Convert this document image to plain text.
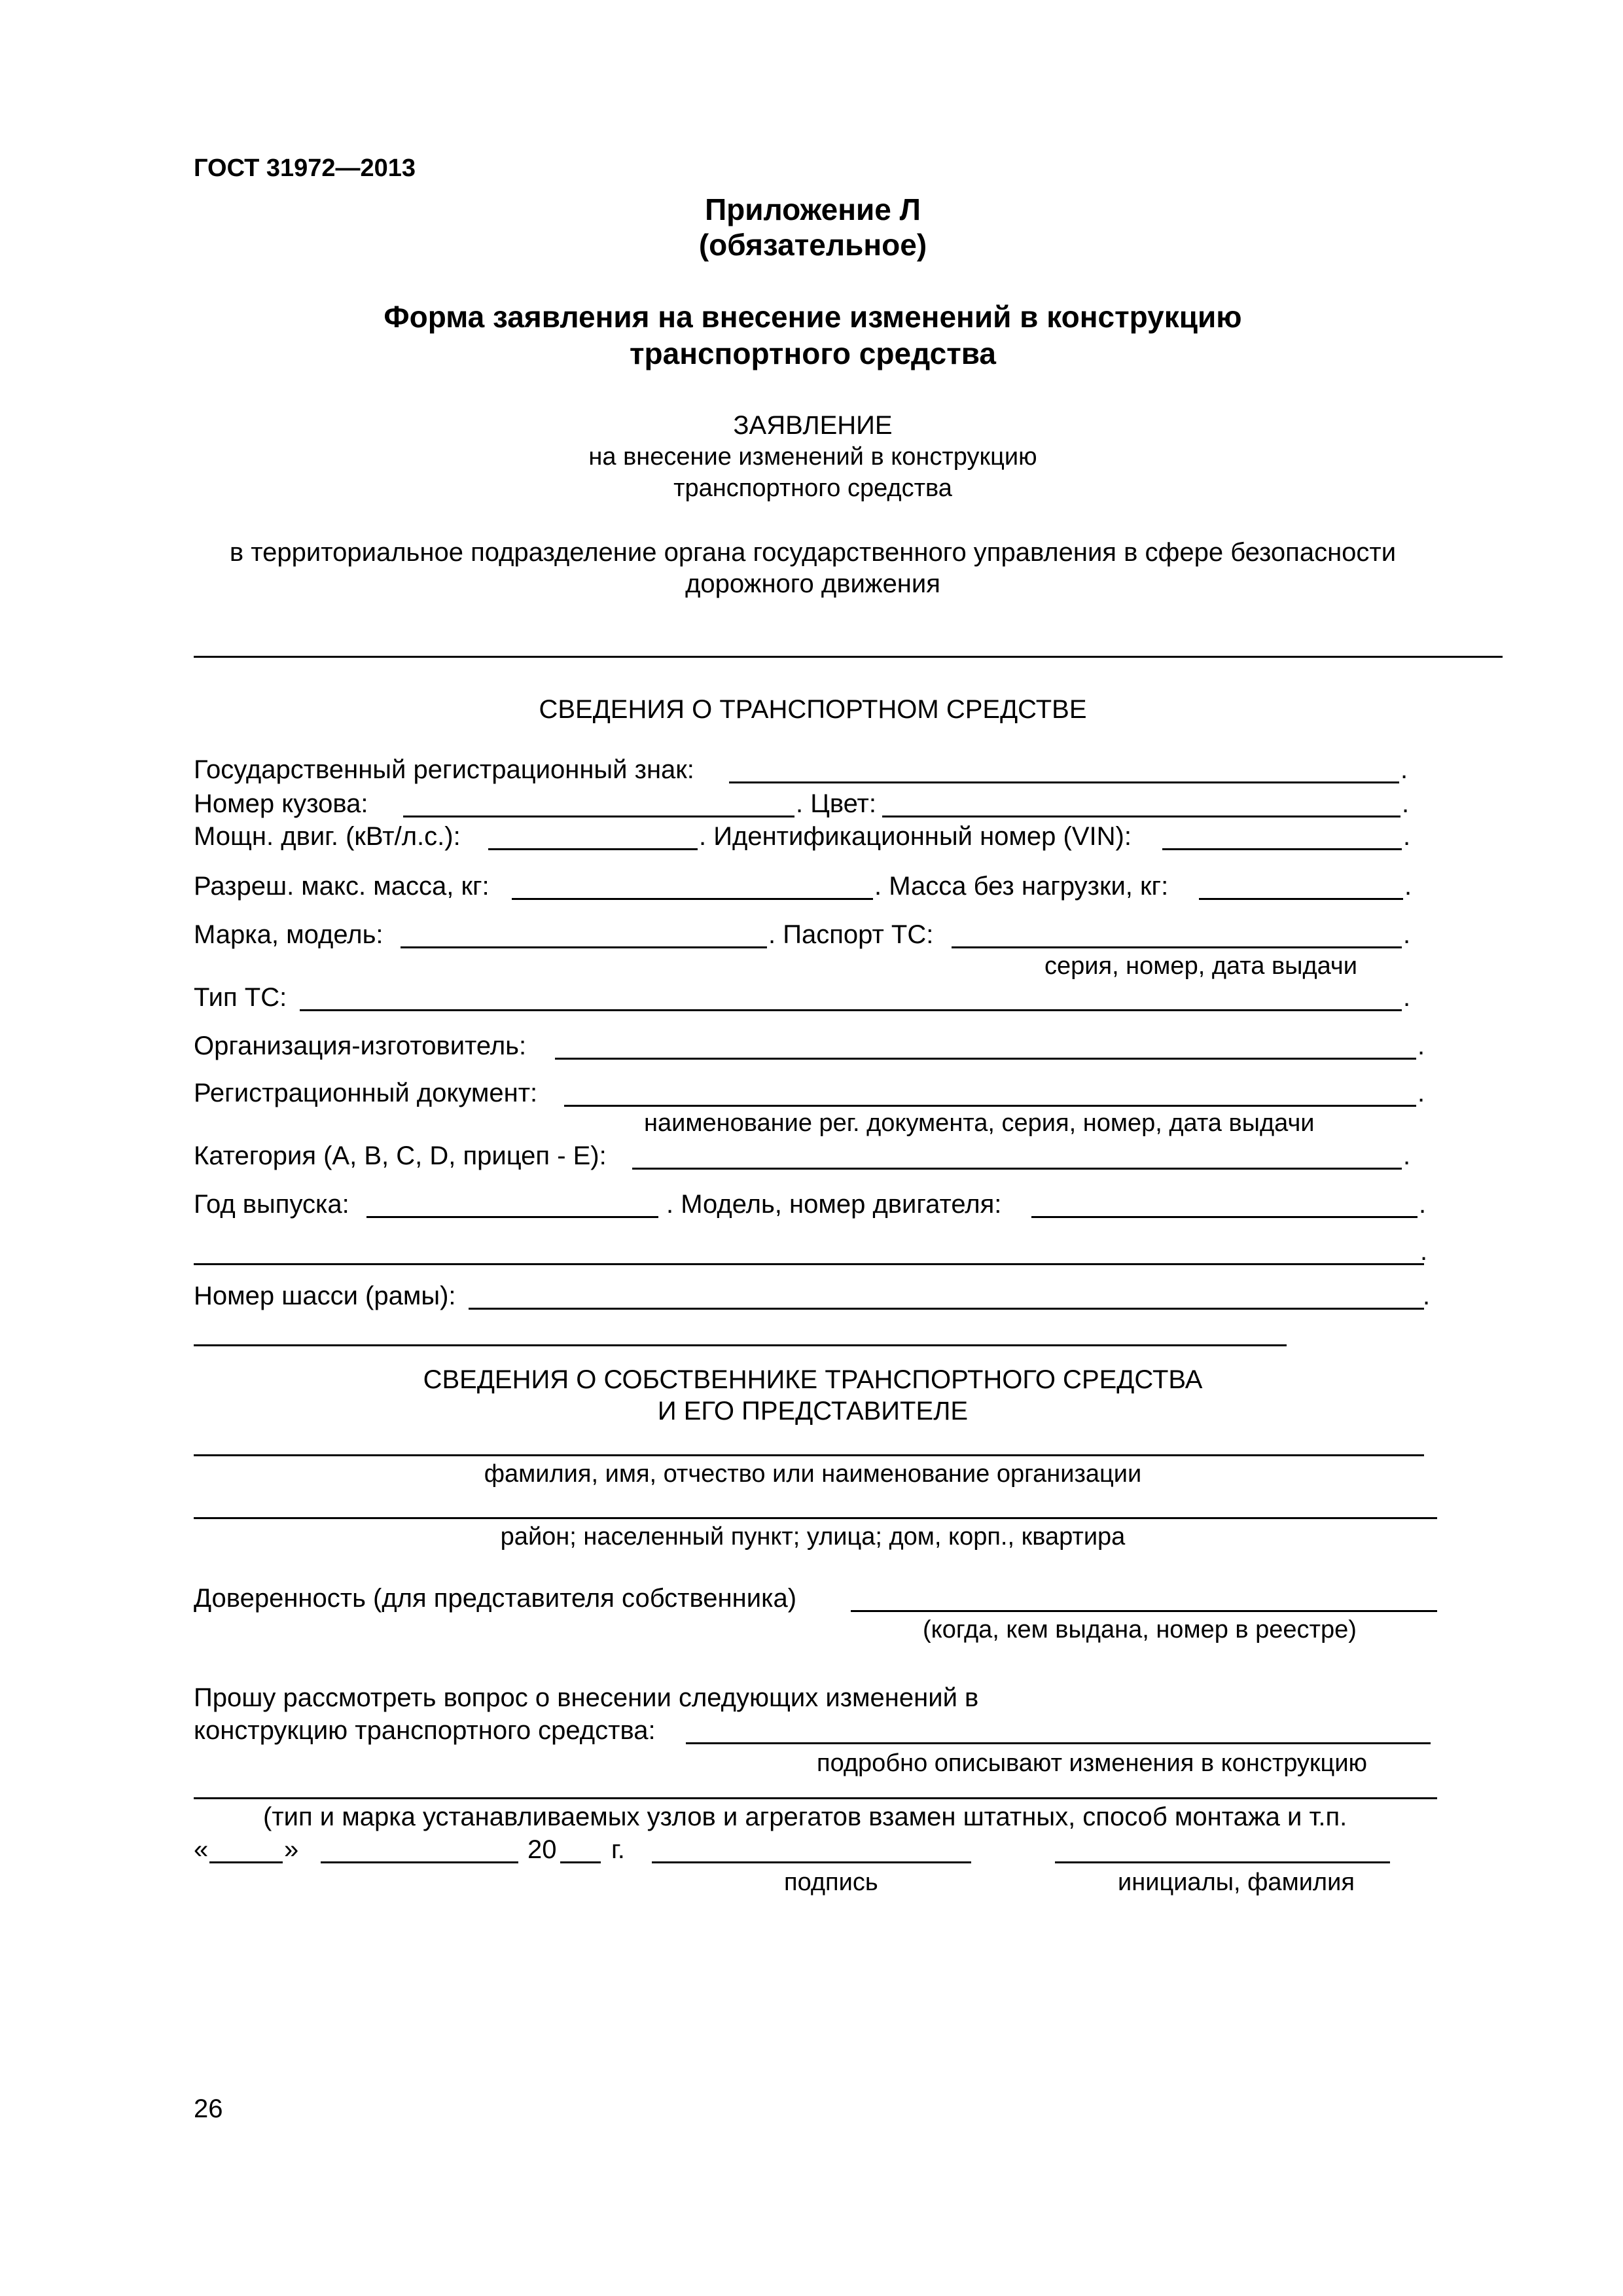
ГОСТ 31972—2013
Приложение Л
(обязательное)
Форма заявления на внесение изменений в конструкцию
транспортного средства
ЗАЯВЛЕНИЕ
на внесение изменений в конструкцию
транспортного средства
в территориальное подразделение органа государственного управления в сфере безопасности
дорожного движения
СВЕДЕНИЯ О ТРАНСПОРТНОМ СРЕДСТВЕ
Государственный регистрационный знак:	.
Номер кузова:	. Цвет:	.
Мощн. двиг. (кВт/л.с.):	. Идентификационный номер (VIN):	.
Разреш. макс. масса, кг:	. Масса без нагрузки, кг:	.
Марка, модель:	. Паспорт ТС:	.
серия, номер, дата выдачи
Тип ТС:	.
Организация-изготовитель:	.
Регистрационный документ:	.
наименование рег. документа, серия, номер, дата выдачи
Категория (А, В, С, D, прицеп - Е):	.
Год выпуска:	. Модель, номер двигателя:	.
.
Номер шасси (рамы):	.
СВЕДЕНИЯ О СОБСТВЕННИКЕ ТРАНСПОРТНОГО СРЕДСТВА
И ЕГО ПРЕДСТАВИТЕЛЕ
фамилия, имя, отчество или наименование организации
район; населенный пункт; улица; дом, корп., квартира
Доверенность (для представителя собственника)
(когда, кем выдана, номер в реестре)
Прошу рассмотреть вопрос о внесении следующих изменений в
конструкцию транспортного средства:
подробно описывают изменения в конструкцию
(тип и марка устанавливаемых узлов и агрегатов взамен штатных, способ монтажа и т.п.
«	»	20 г.
подпись	инициалы, фамилия
26
